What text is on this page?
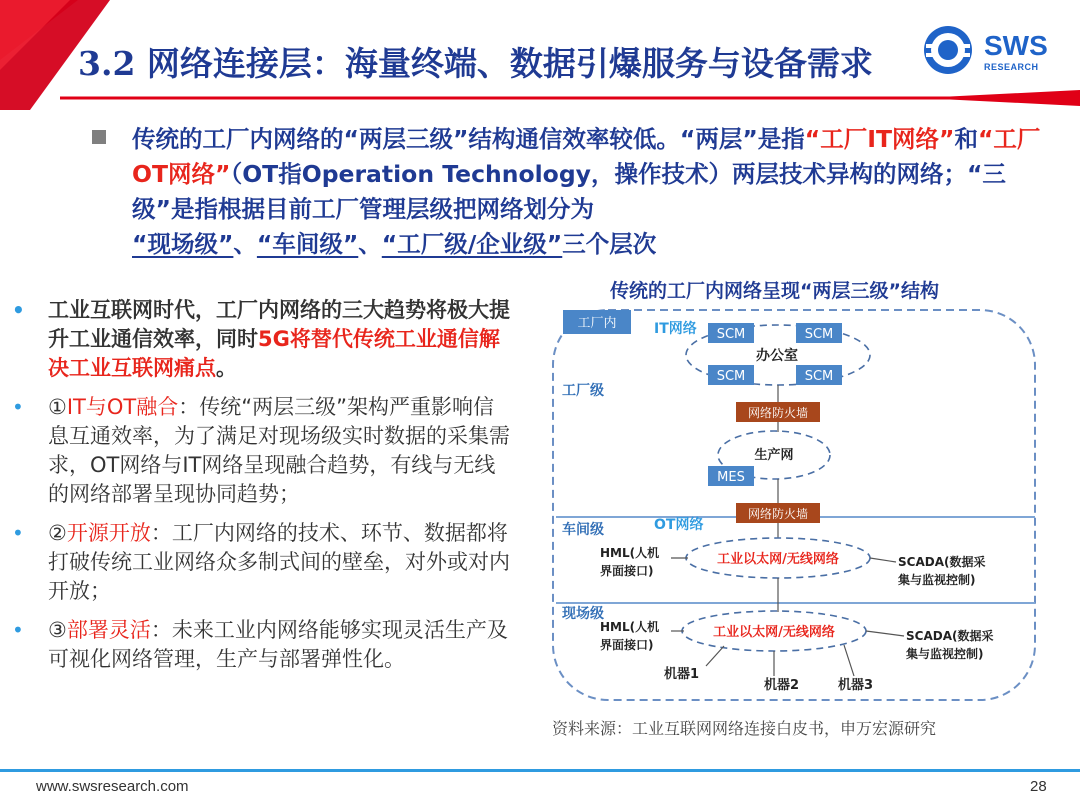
3.2 网络连接层：海量终端、数据引爆服务与设备需求	SWS
RESEARCH
传统的工厂内网络的“两层三级”结构通信效率较低。“两层”是指“工厂IT网络”和“工厂OT网络”（OT指Operation Technology，操作技术）两层技术异构的网络；“三级”是指根据目前工厂管理层级把网络划分为
“现场级”、“车间级”、“工厂级/企业级”三个层次
• 工业互联网时代，工厂内网络的三大趋势将极大提升工业通信效率，同时5G将替代传统工业通信解决工业互联网痛点。
• ①IT与OT融合：传统“两层三级”架构严重影响信息互通效率，为了满足对现场级实时数据的采集需求，OT网络与IT网络呈现融合趋势，有线与无线的网络部署呈现协同趋势；
• ②开源开放：工厂内网络的技术、环节、数据都将打破传统工业网络众多制式间的壁垒，对外或对内开放；
• ③部署灵活：未来工业内网络能够实现灵活生产及可视化网络管理，生产与部署弹性化。
传统的工厂内网络呈现“两层三级”结构
工厂内
工厂级
车间级
现场级
IT网络
OT网络
SCM	SCM
SCM	SCM
办公室
网络防火墙
生产网
MES
网络防火墙
工业以太网/无线网络
HML(人机
界面接口)
SCADA(数据采
集与监视控制)
工业以太网/无线网络
HML(人机
界面接口)
SCADA(数据采
集与监视控制)
机器1
机器2	机器3
资料来源：工业互联网网络连接白皮书，申万宏源研究
www.swsresearch.com	28
